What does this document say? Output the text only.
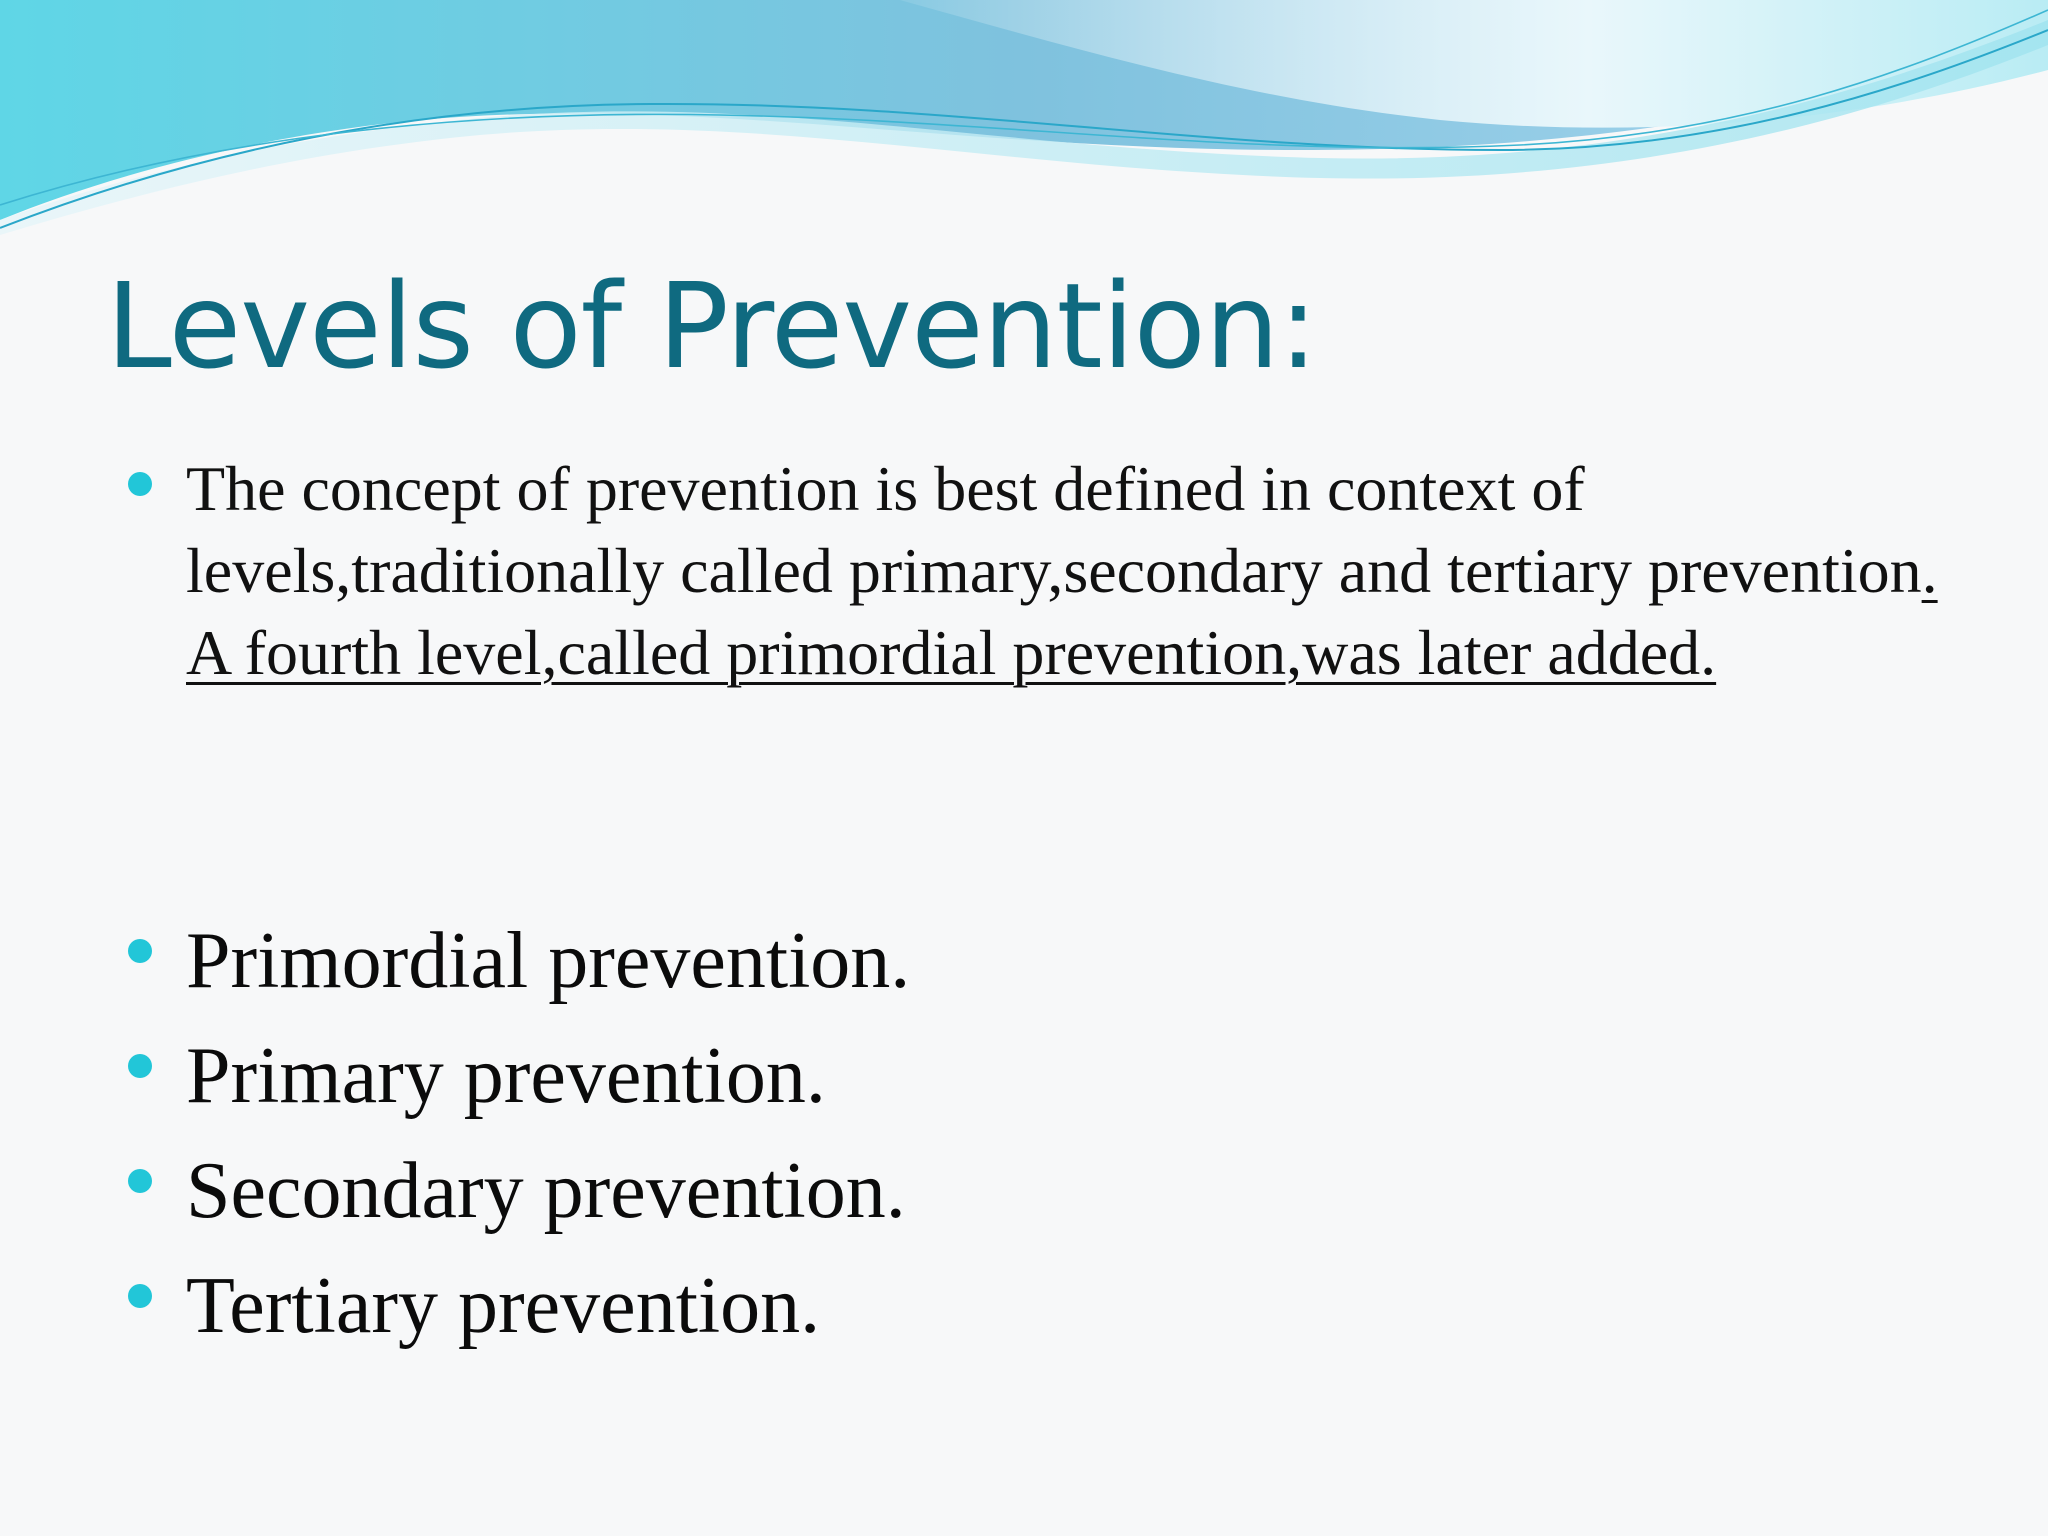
Levels of Prevention:

The concept of prevention is best defined in context of levels,traditionally called primary,secondary and tertiary prevention. A fourth level,called primordial prevention,was later added.

Primordial prevention.
Primary prevention.
Secondary prevention.
Tertiary prevention.
